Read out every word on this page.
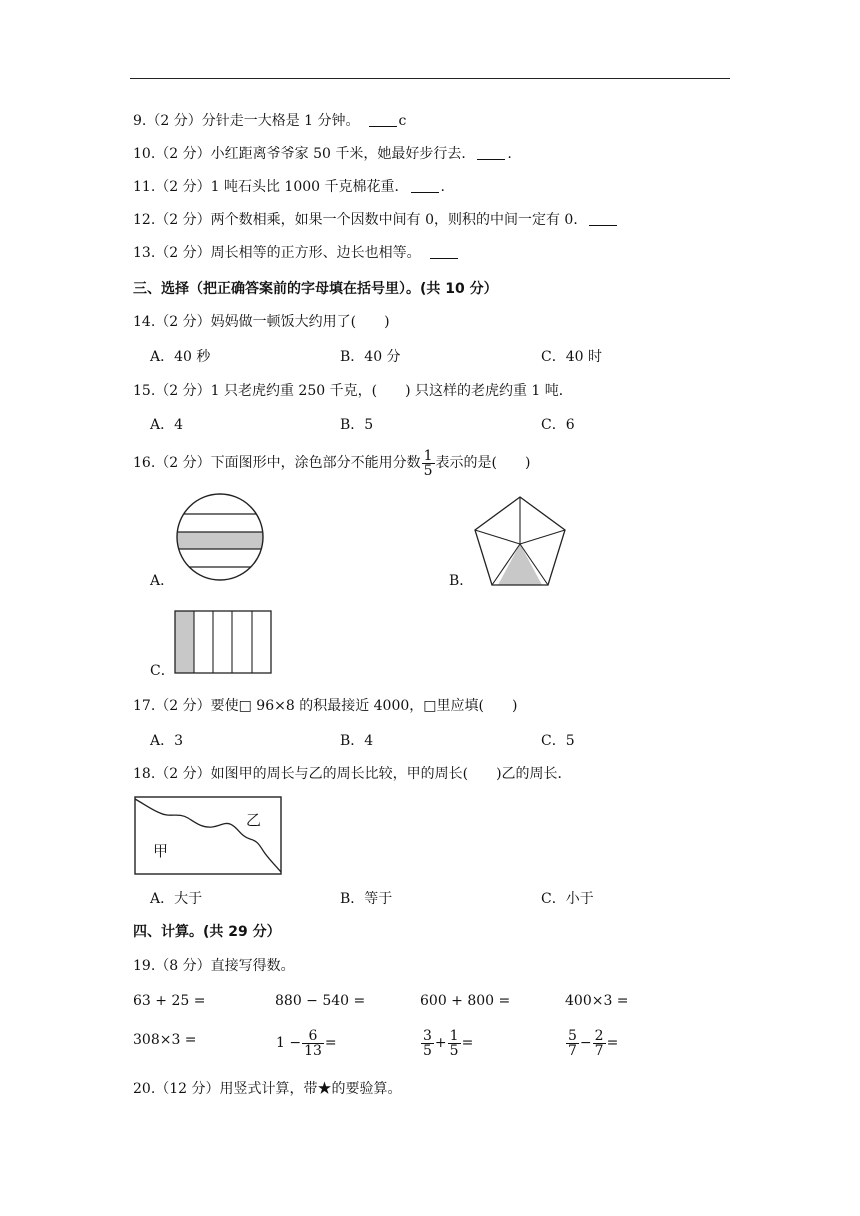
9.（2 分）分针走一大格是 1 分钟。　	c
10.（2 分）小红距离爷爷家 50 千米，她最好步行去． .
11.（2 分）1 吨石头比 1000 千克棉花重． .
12.（2 分）两个数相乘，如果一个因数中间有 0，则积的中间一定有 0．
13.（2 分）周长相等的正方形、边长也相等。　
三、选择（把正确答案前的字母填在括号里）。(共 10 分）
14.（2 分）妈妈做一顿饭大约用了(　　)
A．40 秒	B．40 分	C．40 时
15.（2 分）1 只老虎约重 250 千克，(　　) 只这样的老虎约重 1 吨．
A．4	B．5	C．6
16.（2 分）下面图形中，涂色部分不能用分数 $\frac{1}{5}$ 表示的是(　　)
A．	B．
C．
17.（2 分）要使□ 96×8 的积最接近 4000，□里应填(　　)
A．3	B．4	C．5
18.（2 分）如图甲的周长与乙的周长比较，甲的周长(　　)乙的周长．
乙
甲
A．大于	B．等于	C．小于
四、计算。(共 29 分）
19.（8 分）直接写得数。
63 + 25 =	880 − 540 =	600 + 800 =	400×3 =
308×3 =	$1 - \frac{6}{13}$ =	$\frac{3}{5} + \frac{1}{5}$ =	$\frac{5}{7} - \frac{2}{7}$ =
20.（12 分）用竖式计算，带★的要验算。
